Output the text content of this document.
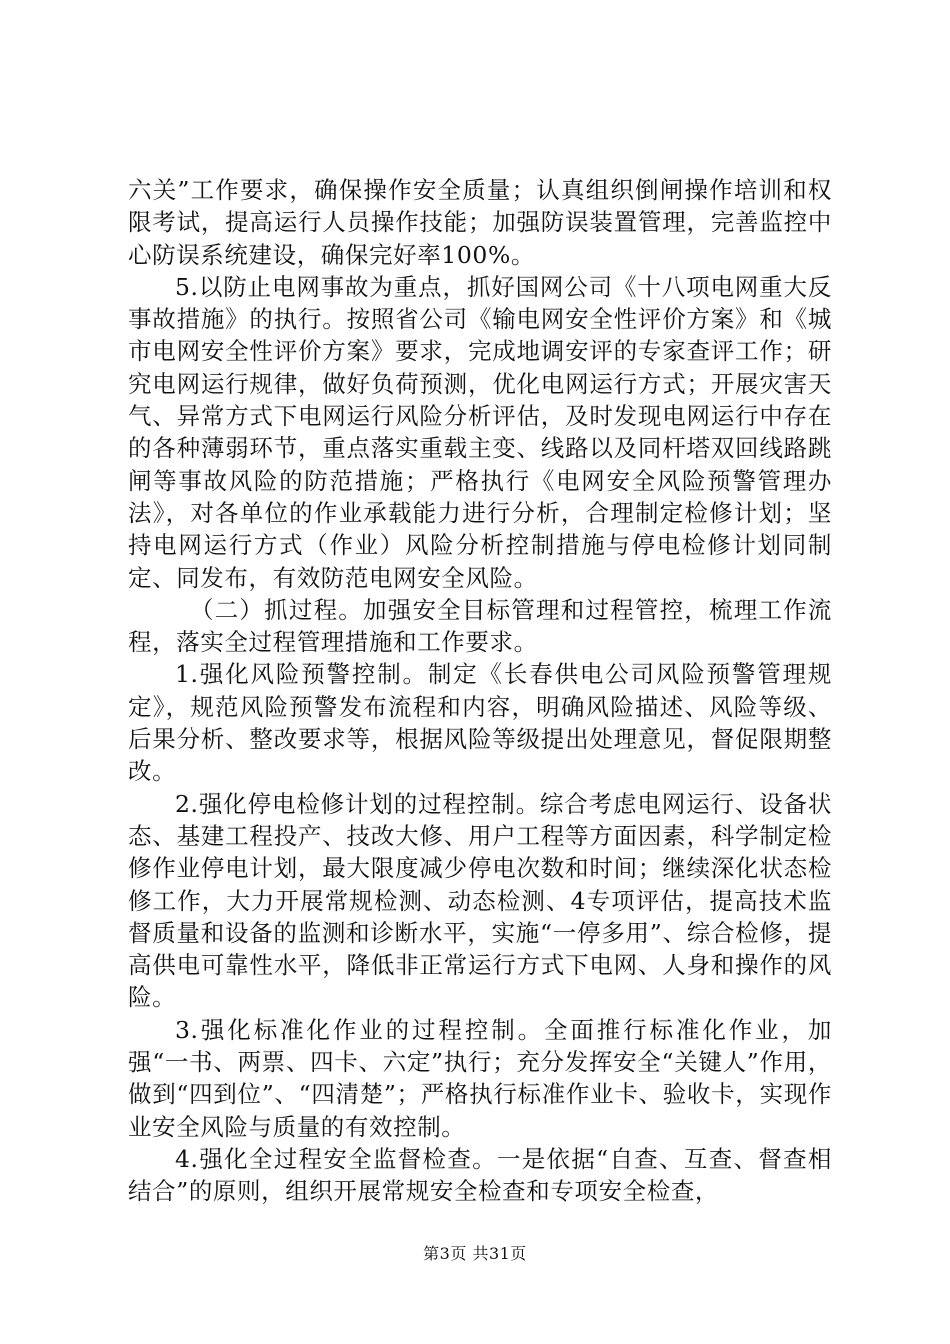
六关”工作要求，确保操作安全质量；认真组织倒闸操作培训和权限考试，提高运行人员操作技能；加强防误装置管理，完善监控中心防误系统建设，确保完好率100%。

5.以防止电网事故为重点，抓好国网公司《十八项电网重大反事故措施》的执行。按照省公司《输电网安全性评价方案》和《城市电网安全性评价方案》要求，完成地调安评的专家查评工作；研究电网运行规律，做好负荷预测，优化电网运行方式；开展灾害天气、异常方式下电网运行风险分析评估，及时发现电网运行中存在的各种薄弱环节，重点落实重载主变、线路以及同杆塔双回线路跳闸等事故风险的防范措施；严格执行《电网安全风险预警管理办法》，对各单位的作业承载能力进行分析，合理制定检修计划；坚持电网运行方式（作业）风险分析控制措施与停电检修计划同制定、同发布，有效防范电网安全风险。

（二）抓过程。加强安全目标管理和过程管控，梳理工作流程，落实全过程管理措施和工作要求。

1.强化风险预警控制。制定《长春供电公司风险预警管理规定》，规范风险预警发布流程和内容，明确风险描述、风险等级、后果分析、整改要求等，根据风险等级提出处理意见，督促限期整改。

2.强化停电检修计划的过程控制。综合考虑电网运行、设备状态、基建工程投产、技改大修、用户工程等方面因素，科学制定检修作业停电计划，最大限度减少停电次数和时间；继续深化状态检修工作，大力开展常规检测、动态检测、4专项评估，提高技术监督质量和设备的监测和诊断水平，实施“一停多用”、综合检修，提高供电可靠性水平，降低非正常运行方式下电网、人身和操作的风险。

3.强化标准化作业的过程控制。全面推行标准化作业，加强“一书、两票、四卡、六定”执行；充分发挥安全“关键人”作用，做到“四到位”、“四清楚”；严格执行标准作业卡、验收卡，实现作业安全风险与质量的有效控制。

4.强化全过程安全监督检查。一是依据“自查、互查、督查相结合”的原则，组织开展常规安全检查和专项安全检查，

第3页 共31页
